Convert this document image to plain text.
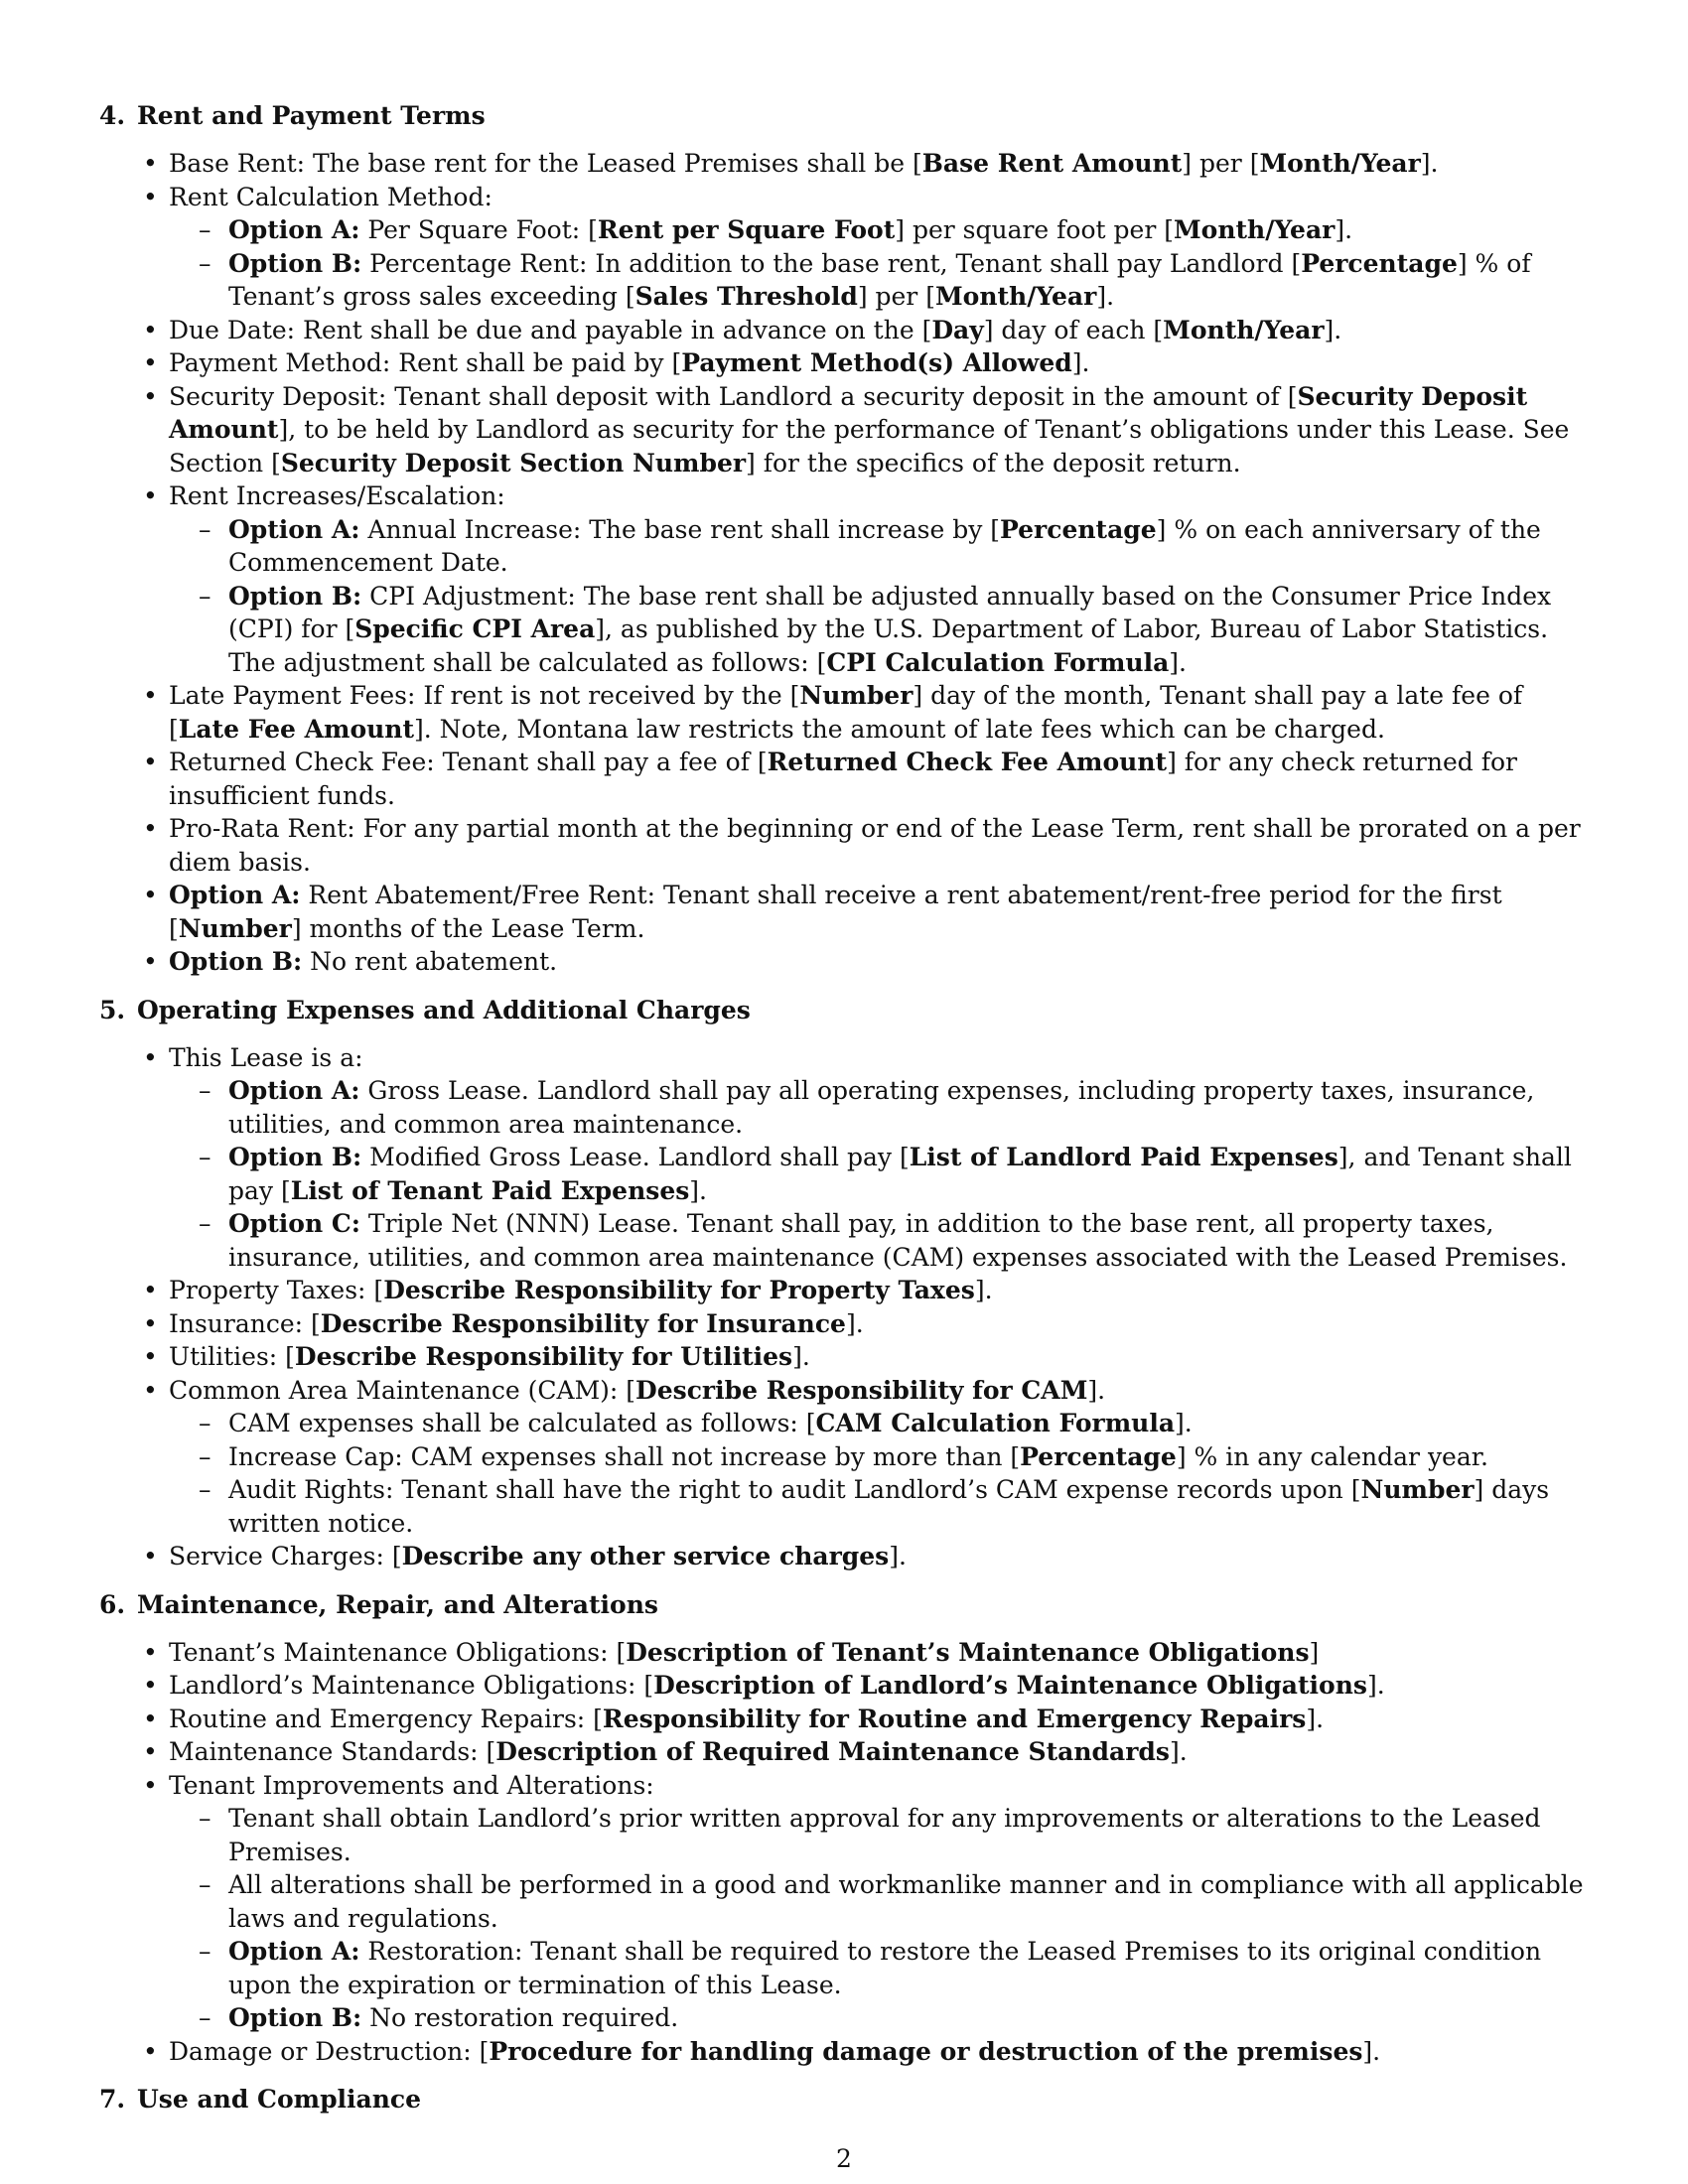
4. Rent and Payment Terms
• Base Rent: The base rent for the Leased Premises shall be [Base Rent Amount] per [Month/Year].
• Rent Calculation Method:
– Option A: Per Square Foot: [Rent per Square Foot] per square foot per [Month/Year].
– Option B: Percentage Rent: In addition to the base rent, Tenant shall pay Landlord [Percentage] % of Tenant’s gross sales exceeding [Sales Threshold] per [Month/Year].
• Due Date: Rent shall be due and payable in advance on the [Day] day of each [Month/Year].
• Payment Method: Rent shall be paid by [Payment Method(s) Allowed].
• Security Deposit: Tenant shall deposit with Landlord a security deposit in the amount of [Security Deposit Amount], to be held by Landlord as security for the performance of Tenant’s obligations under this Lease. See Section [Security Deposit Section Number] for the specifics of the deposit return.
• Rent Increases/Escalation:
– Option A: Annual Increase: The base rent shall increase by [Percentage] % on each anniversary of the Commencement Date.
– Option B: CPI Adjustment: The base rent shall be adjusted annually based on the Consumer Price Index (CPI) for [Specific CPI Area], as published by the U.S. Department of Labor, Bureau of Labor Statistics. The adjustment shall be calculated as follows: [CPI Calculation Formula].
• Late Payment Fees: If rent is not received by the [Number] day of the month, Tenant shall pay a late fee of [Late Fee Amount]. Note, Montana law restricts the amount of late fees which can be charged.
• Returned Check Fee: Tenant shall pay a fee of [Returned Check Fee Amount] for any check returned for insufficient funds.
• Pro-Rata Rent: For any partial month at the beginning or end of the Lease Term, rent shall be prorated on a per diem basis.
• Option A: Rent Abatement/Free Rent: Tenant shall receive a rent abatement/rent-free period for the first [Number] months of the Lease Term.
• Option B: No rent abatement.
5. Operating Expenses and Additional Charges
• This Lease is a:
– Option A: Gross Lease. Landlord shall pay all operating expenses, including property taxes, insurance, utilities, and common area maintenance.
– Option B: Modified Gross Lease. Landlord shall pay [List of Landlord Paid Expenses], and Tenant shall pay [List of Tenant Paid Expenses].
– Option C: Triple Net (NNN) Lease. Tenant shall pay, in addition to the base rent, all property taxes, insurance, utilities, and common area maintenance (CAM) expenses associated with the Leased Premises.
• Property Taxes: [Describe Responsibility for Property Taxes].
• Insurance: [Describe Responsibility for Insurance].
• Utilities: [Describe Responsibility for Utilities].
• Common Area Maintenance (CAM): [Describe Responsibility for CAM].
– CAM expenses shall be calculated as follows: [CAM Calculation Formula].
– Increase Cap: CAM expenses shall not increase by more than [Percentage] % in any calendar year.
– Audit Rights: Tenant shall have the right to audit Landlord’s CAM expense records upon [Number] days written notice.
• Service Charges: [Describe any other service charges].
6. Maintenance, Repair, and Alterations
• Tenant’s Maintenance Obligations: [Description of Tenant’s Maintenance Obligations]
• Landlord’s Maintenance Obligations: [Description of Landlord’s Maintenance Obligations].
• Routine and Emergency Repairs: [Responsibility for Routine and Emergency Repairs].
• Maintenance Standards: [Description of Required Maintenance Standards].
• Tenant Improvements and Alterations:
– Tenant shall obtain Landlord’s prior written approval for any improvements or alterations to the Leased Premises.
– All alterations shall be performed in a good and workmanlike manner and in compliance with all applicable laws and regulations.
– Option A: Restoration: Tenant shall be required to restore the Leased Premises to its original condition upon the expiration or termination of this Lease.
– Option B: No restoration required.
• Damage or Destruction: [Procedure for handling damage or destruction of the premises].
7. Use and Compliance
2
